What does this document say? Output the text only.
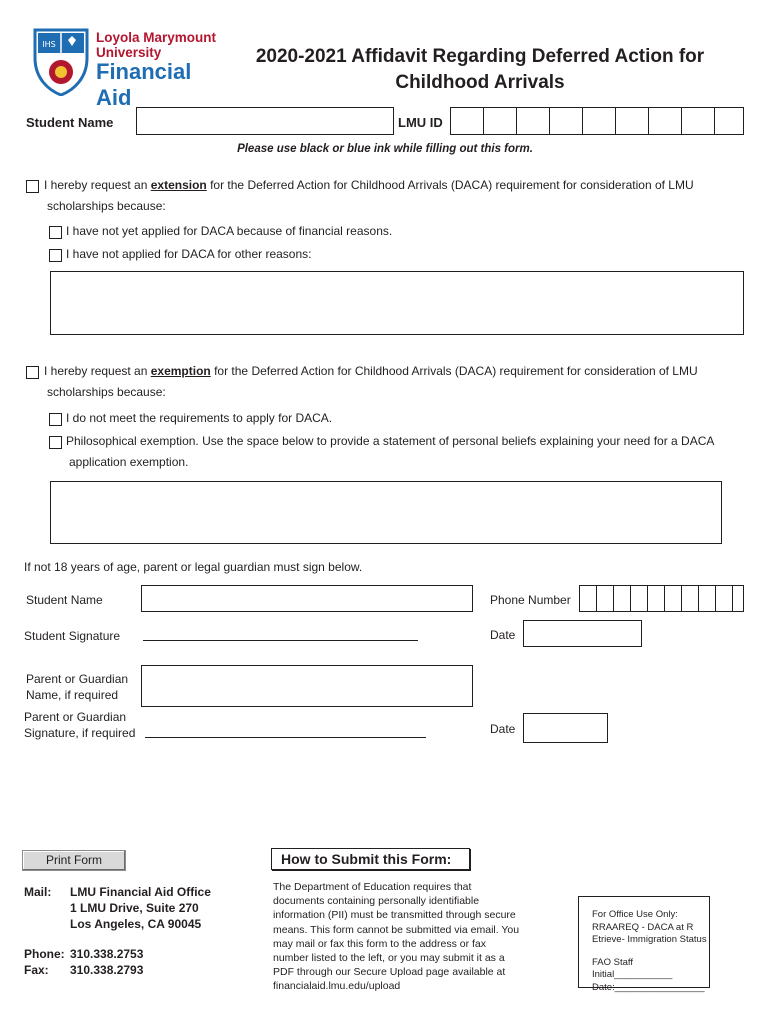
IHS	Loyola Marymount
University
Financial Aid
2020-2021 Affidavit Regarding Deferred Action for
Childhood Arrivals
Student Name	LMU ID
Please use black or blue ink while filling out this form.
I hereby request an extension for the Deferred Action for Childhood Arrivals (DACA) requirement for consideration of LMU
scholarships because:
I have not yet applied for DACA because of financial reasons.
I have not applied for DACA for other reasons:
I hereby request an exemption for the Deferred Action for Childhood Arrivals (DACA) requirement for consideration of LMU
scholarships because:
I do not meet the requirements to apply for DACA.
Philosophical exemption. Use the space below to provide a statement of personal beliefs explaining your need for a DACA
application exemption.
If not 18 years of age, parent or legal guardian must sign below.
Student Name	Phone Number
Student Signature	Date
Parent or Guardian
Name, if required
Parent or Guardian
Signature, if required	Date
Print Form	How to Submit this Form:
Mail: LMU Financial Aid Office
1 LMU Drive, Suite 270
Los Angeles, CA 90045
Phone: 310.338.2753
Fax: 310.338.2793
The Department of Education requires that
documents containing personally identifiable
information (PII) must be transmitted through secure
means. This form cannot be submitted via email. You
may mail or fax this form to the address or fax
number listed to the left, or you may submit it as a
PDF through our Secure Upload page available at
financialaid.lmu.edu/upload
For Office Use Only:
RRAAREQ - DACA at R
Etrieve- Immigration Status
FAO Staff Initial___________
Date:_________________
